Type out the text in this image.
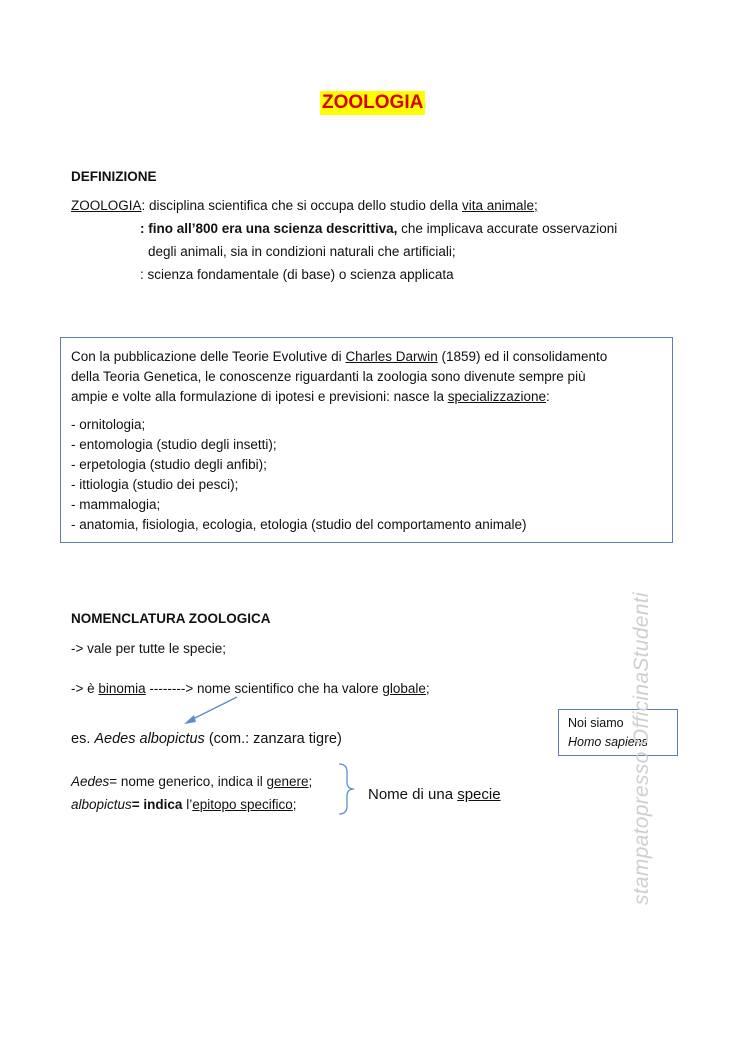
ZOOLOGIA
DEFINIZIONE
ZOOLOGIA: disciplina scientifica che si occupa dello studio della vita animale;
: fino all’800 era una scienza descrittiva, che implicava accurate osservazioni
degli animali, sia in condizioni naturali che artificiali;
: scienza fondamentale (di base) o scienza applicata
Con la pubblicazione delle Teorie Evolutive di Charles Darwin (1859) ed il consolidamento
della Teoria Genetica, le conoscenze riguardanti la zoologia sono divenute sempre più
ampie e volte alla formulazione di ipotesi e previsioni: nasce la specializzazione:
- ornitologia;
- entomologia (studio degli insetti);
- erpetologia (studio degli anfibi);
- ittiologia (studio dei pesci);
- mammalogia;
- anatomia, fisiologia, ecologia, etologia (studio del comportamento animale)
NOMENCLATURA ZOOLOGICA
-> vale per tutte le specie;
-> è binomia --------> nome scientifico che ha valore globale;
es. Aedes albopictus (com.: zanzara tigre)
Aedes= nome generico, indica il genere;
albopictus= indica l’epitopo specifico;
Nome di una specie
Noi siamo
Homo sapiens
stampatopresso OfficinaStudenti
